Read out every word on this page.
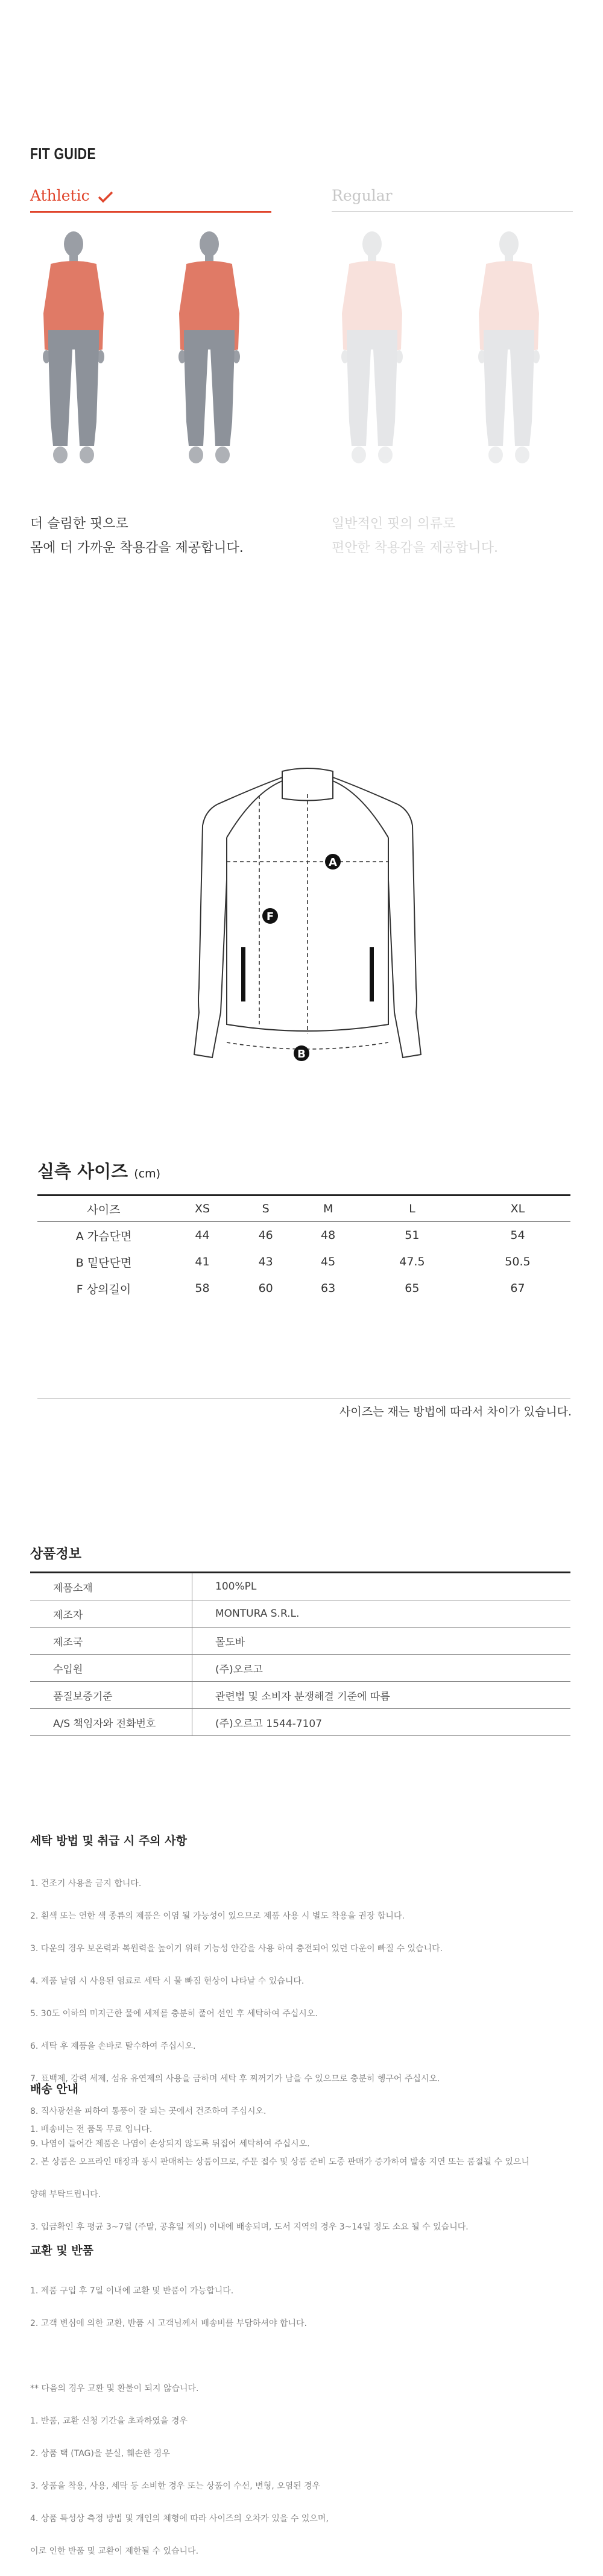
FIT GUIDE
Athletic	Regular
더 슬림한 핏으로
몸에 더 가까운 착용감을 제공합니다.
일반적인 핏의 의류로
편안한 착용감을 제공합니다.
A
F
B
실측 사이즈 (cm)
사이즈	XS	S	M	L	XL
A 가슴단면	44	46	48	51	54
B 밑단단면	41	43	45	47.5	50.5
F 상의길이	58	60	63	65	67
사이즈는 재는 방법에 따라서 차이가 있습니다.
상품정보
제품소재	100%PL
제조자	MONTURA S.R.L.
제조국	몰도바
수입원	(주)오르고
품질보증기준	관련법 및 소비자 분쟁해결 기준에 따름
A/S 책임자와 전화번호	(주)오르고 1544-7107
세탁 방법 및 취급 시 주의 사항

1. 건조기 사용을 금지 합니다.

2. 흰색 또는 연한 색 종류의 제품은 이염 될 가능성이 있으므로 제품 사용 시 별도 착용을 권장 합니다.

3. 다운의 경우 보온력과 복원력을 높이기 위해 기능성 안감을 사용 하여 충전되어 있던 다운이 빠질 수 있습니다.

4. 제품 날염 시 사용된 염료로 세탁 시 물 빠짐 현상이 나타날 수 있습니다.

5. 30도 이하의 미지근한 물에 세제를 충분히 풀어 선인 후 세탁하여 주십시오.

6. 세탁 후 제품을 손바로 탈수하여 주십시오.

7. 표백제, 강력 세제, 섬유 유연제의 사용을 금하며 세탁 후 찌꺼기가 남을 수 있으므로 충분히 헹구어 주십시오.

8. 직사광선을 피하여 통풍이 잘 되는 곳에서 건조하여 주십시오.

9. 나염이 들어간 제품은 나염이 손상되지 않도록 뒤집어 세탁하여 주십시오.

배송 안내

1. 배송비는 전 품목 무료 입니다.

2. 본 상품은 오프라인 매장과 동시 판매하는 상품이므로, 주문 접수 및 상품 준비 도중 판매가 증가하여 발송 지연 또는 품절될 수 있으니

양해 부탁드립니다.

3. 입금확인 후 평균 3~7일 (주말, 공휴일 제외) 이내에 배송되며, 도서 지역의 경우 3~14일 정도 소요 될 수 있습니다.

교환 및 반품

1. 제품 구입 후 7일 이내에 교환 및 반품이 가능합니다.

2. 고객 변심에 의한 교환, 반품 시 고객님께서 배송비를 부담하셔야 합니다.

** 다음의 경우 교환 및 환불이 되지 않습니다.

1. 반품, 교환 신청 기간을 초과하였을 경우

2. 상품 택 (TAG)을 분실, 훼손한 경우

3. 상품을 착용, 사용, 세탁 등 소비한 경우 또는 상품이 수선, 변형, 오염된 경우

4. 상품 특성상 측정 방법 및 개인의 체형에 따라 사이즈의 오차가 있을 수 있으며,

이로 인한 반품 및 교환이 제한될 수 있습니다.
